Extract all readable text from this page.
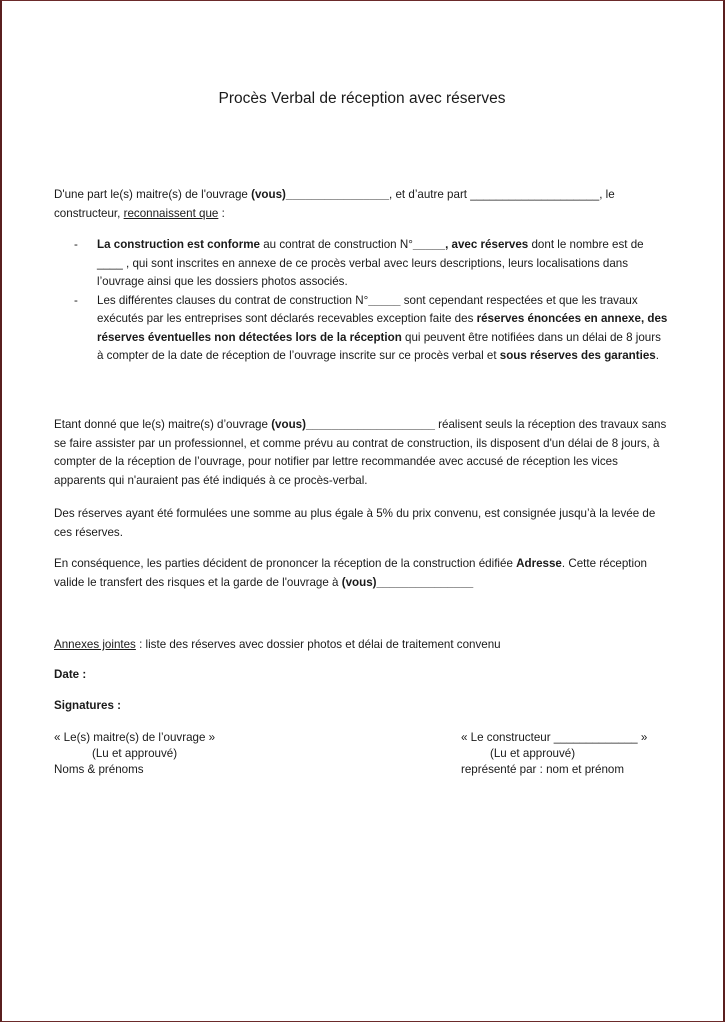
Procès Verbal de réception avec réserves

D'une part le(s) maitre(s) de l'ouvrage (vous)________________, et d’autre part ____________________, le constructeur, reconnaissent que :

- La construction est conforme au contrat de construction N°_____, avec réserves dont le nombre est de ____ , qui sont inscrites en annexe de ce procès verbal avec leurs descriptions, leurs localisations dans l’ouvrage ainsi que les dossiers photos associés.
- Les différentes clauses du contrat de construction N°_____ sont cependant respectées et que les travaux exécutés par les entreprises sont déclarés recevables exception faite des réserves énoncées en annexe, des réserves éventuelles non détectées lors de la réception qui peuvent être notifiées dans un délai de 8 jours à compter de la date de réception de l’ouvrage inscrite sur ce procès verbal et sous réserves des garanties.

Etant donné que le(s) maitre(s) d’ouvrage (vous)____________________ réalisent seuls la réception des travaux sans se faire assister par un professionnel, et comme prévu au contrat de construction, ils disposent d'un délai de 8 jours, à compter de la réception de l’ouvrage, pour notifier par lettre recommandée avec accusé de réception les vices apparents qui n'auraient pas été indiqués à ce procès-verbal.

Des réserves ayant été formulées une somme au plus égale à 5% du prix convenu, est consignée jusqu’à la levée de ces réserves.

En conséquence, les parties décident de prononcer la réception de la construction édifiée Adresse. Cette réception valide le transfert des risques et la garde de l'ouvrage à (vous)_______________

Annexes jointes : liste des réserves avec dossier photos et délai de traitement convenu

Date :

Signatures :

« Le(s) maitre(s) de l’ouvrage »
(Lu et approuvé)
Noms & prénoms
« Le constructeur _____________ »
(Lu et approuvé)
représenté par : nom et prénom
